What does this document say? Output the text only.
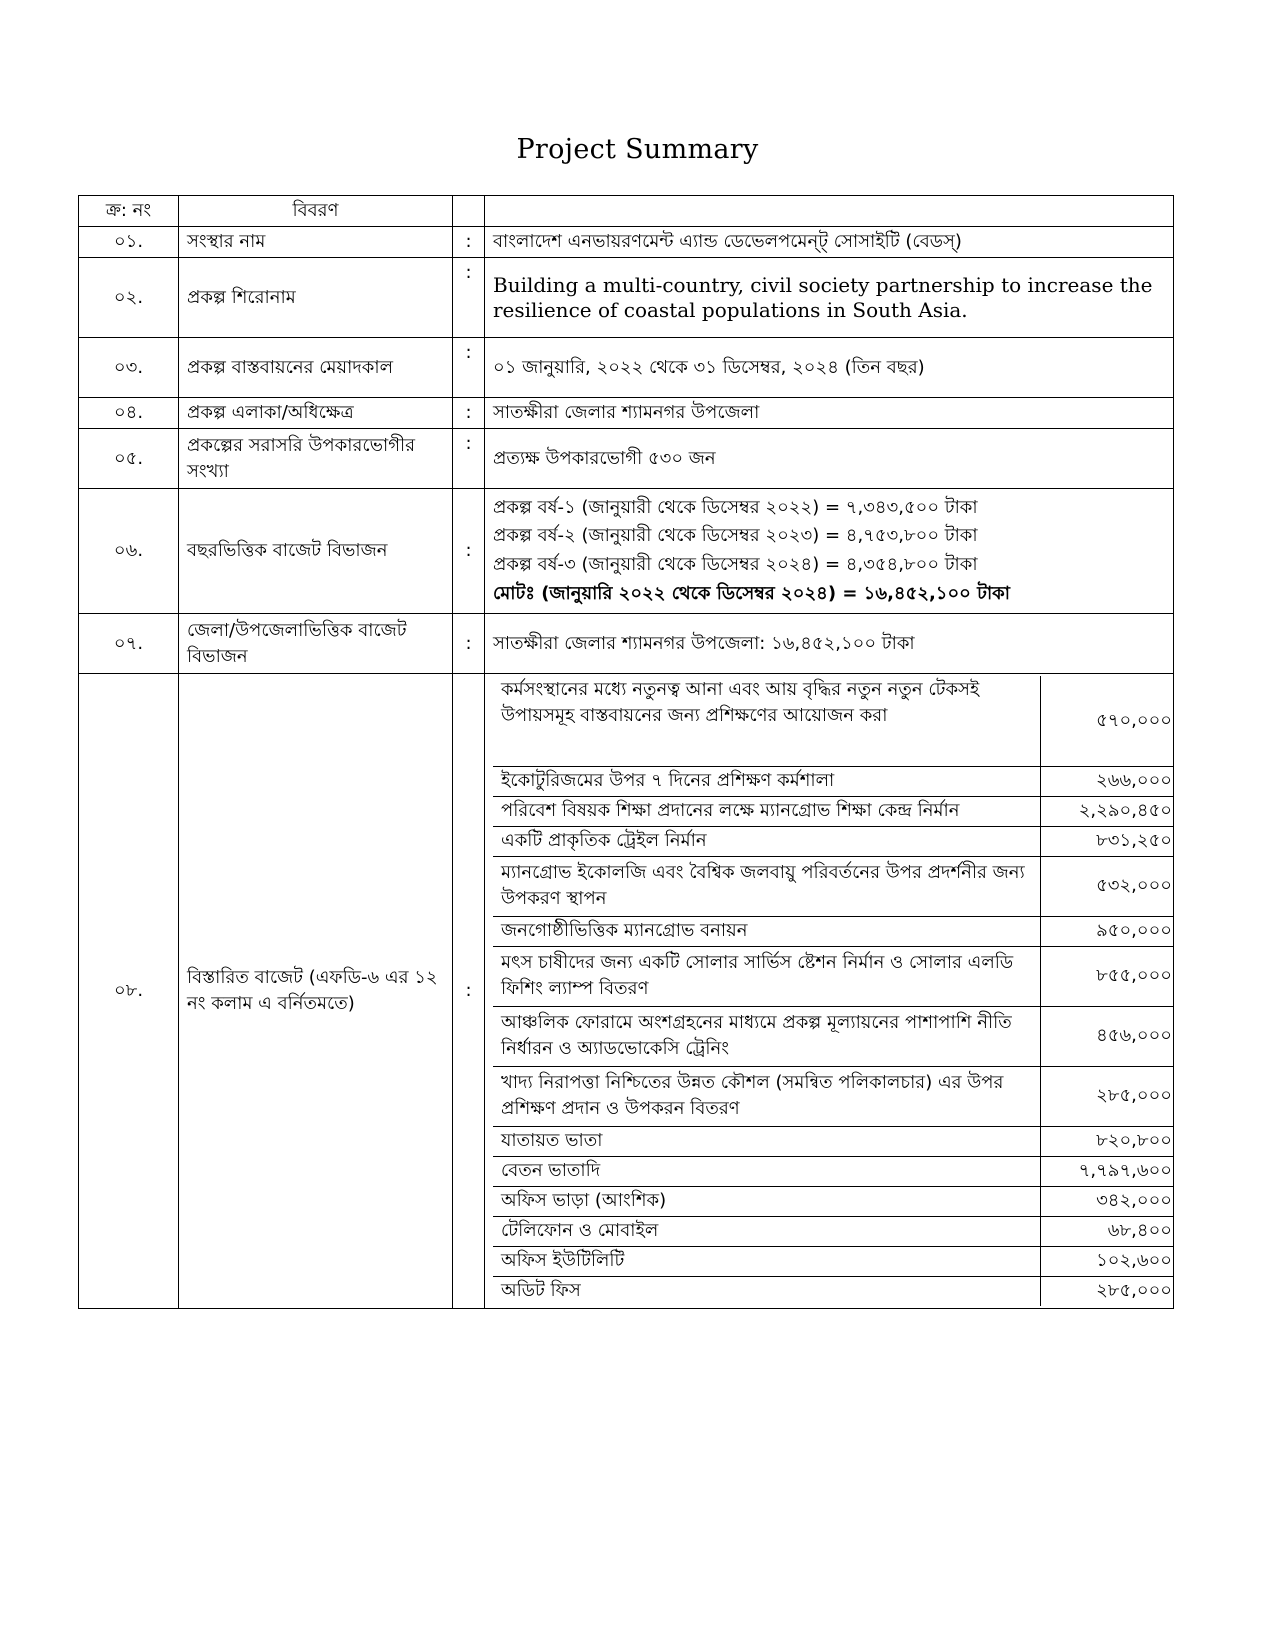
Project Summary
ক্র: নং	বিবরণ		
০১.	সংস্থার নাম	:	বাংলাদেশ এনভায়রণমেন্ট এ্যান্ড ডেভেলপমেন্ট্ সোসাইটি (বেডস্)
০২.	প্রকল্প শিরোনাম	:	Building a multi-country, civil society partnership to increase the resilience of coastal populations in South Asia.
০৩.	প্রকল্প বাস্তবায়নের মেয়াদকাল	:	০১ জানুয়ারি, ২০২২ থেকে ৩১ ডিসেম্বর, ২০২৪ (তিন বছর)
০৪.	প্রকল্প এলাকা/অধিক্ষেত্র	:	সাতক্ষীরা জেলার শ্যামনগর উপজেলা
০৫.	প্রকল্পের সরাসরি উপকারভোগীর সংখ্যা	:	প্রত্যক্ষ উপকারভোগী ৫৩০ জন
০৬.	বছরভিত্তিক বাজেট বিভাজন	:	
প্রকল্প বর্ষ-১ (জানুয়ারী থেকে ডিসেম্বর ২০২২) = ৭,৩৪৩,৫০০ টাকা
প্রকল্প বর্ষ-২ (জানুয়ারী থেকে ডিসেম্বর ২০২৩) = ৪,৭৫৩,৮০০ টাকা
প্রকল্প বর্ষ-৩ (জানুয়ারী থেকে ডিসেম্বর ২০২৪) = ৪,৩৫৪,৮০০ টাকা
মোটঃ (জানুয়ারি ২০২২ থেকে ডিসেম্বর ২০২৪) = ১৬,৪৫২,১০০ টাকা

০৭.	জেলা/উপজেলাভিত্তিক বাজেট বিভাজন	:	সাতক্ষীরা জেলার শ্যামনগর উপজেলা: ১৬,৪৫২,১০০ টাকা
০৮.	বিস্তারিত বাজেট (এফডি-৬ এর ১২ নং কলাম এ বর্নিতমতে)	:	
কর্মসংস্থানের মধ্যে নতুনত্ব আনা এবং আয় বৃদ্ধির নতুন নতুন টেকসই উপায়সমূহ বাস্তবায়নের জন্য প্রশিক্ষণের আয়োজন করা	৫৭০,০০০
ইকোটুরিজমের উপর ৭ দিনের প্রশিক্ষণ কর্মশালা	২৬৬,০০০
পরিবেশ বিষয়ক শিক্ষা প্রদানের লক্ষে ম্যানগ্রোভ শিক্ষা কেন্দ্র নির্মান	২,২৯০,৪৫০
একটি প্রাকৃতিক ট্রেইল নির্মান	৮৩১,২৫০
ম্যানগ্রোভ ইকোলজি এবং বৈশ্বিক জলবায়ু পরিবর্তনের উপর প্রদর্শনীর জন্য উপকরণ স্থাপন	৫৩২,০০০
জনগোষ্ঠীভিত্তিক ম্যানগ্রোভ বনায়ন	৯৫০,০০০
মৎস চাষীদের জন্য একটি সোলার সার্ভিস ষ্টেশন নির্মান ও সোলার এলডি ফিশিং ল্যাম্প বিতরণ	৮৫৫,০০০
আঞ্চলিক ফোরামে অংশগ্রহনের মাধ্যমে প্রকল্প মূল্যায়নের পাশাপাশি নীতি নির্ধারন ও অ্যাডভোকেসি ট্রেনিং	৪৫৬,০০০
খাদ্য নিরাপত্তা নিশ্চিতের উন্নত কৌশল (সমন্বিত পলিকালচার) এর উপর প্রশিক্ষণ প্রদান ও উপকরন বিতরণ	২৮৫,০০০
যাতায়ত ভাতা	৮২০,৮০০
বেতন ভাতাদি	৭,৭৯৭,৬০০
অফিস ভাড়া (আংশিক)	৩৪২,০০০
টেলিফোন ও মোবাইল	৬৮,৪০০
অফিস ইউটিলিটি	১০২,৬০০
অডিট ফিস	২৮৫,০০০
